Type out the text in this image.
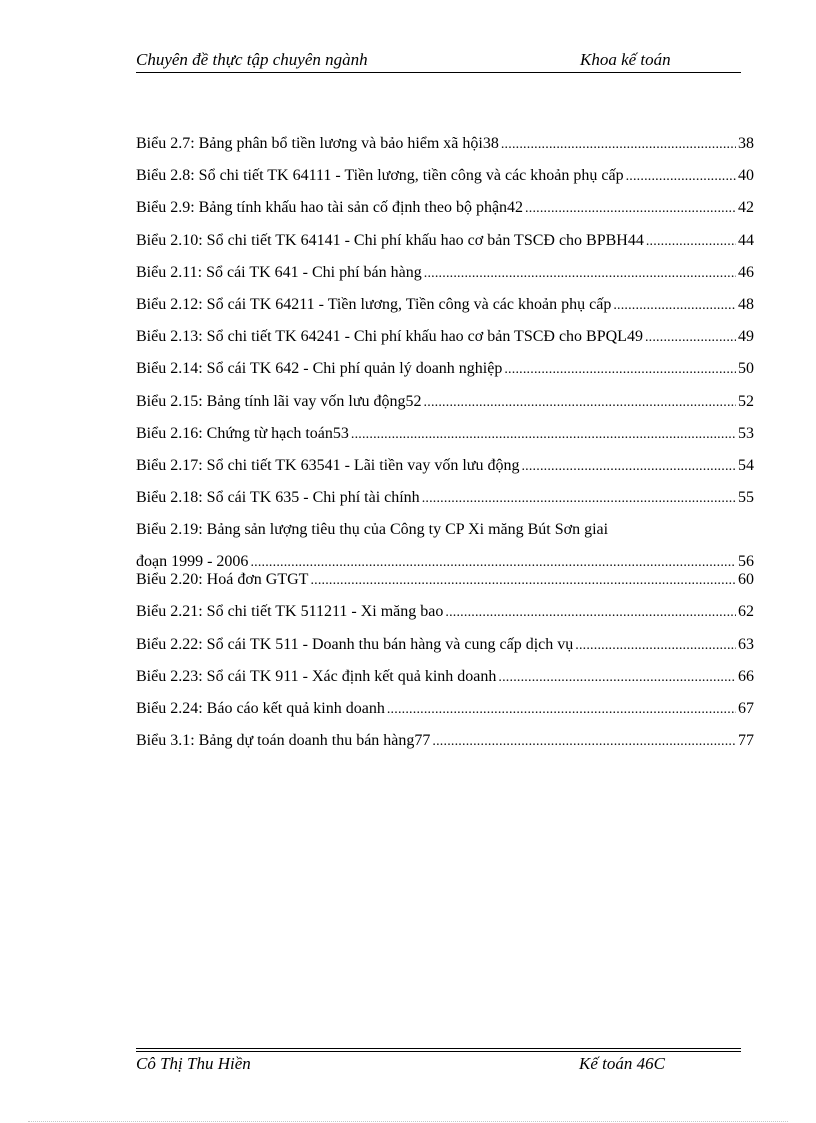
Chuyên đề thực tập chuyên ngành	Khoa kế toán
Biểu 2.7: Bảng phân bổ tiền lương và bảo hiểm xã hội38 .....	38
Biểu 2.8: Sổ chi tiết TK 64111 - Tiền lương, tiền công và các khoản phụ cấp .....	40
Biểu 2.9: Bảng tính khấu hao tài sản cố định theo bộ phận42 .....	42
Biểu 2.10: Sổ chi tiết TK 64141 - Chi phí khấu hao cơ bản TSCĐ cho BPBH44 .....	44
Biểu 2.11: Sổ cái TK 641 - Chi phí bán hàng .....	46
Biểu 2.12: Sổ cái TK 64211 - Tiền lương, Tiền công và các khoản phụ cấp .....	48
Biểu 2.13: Sổ chi tiết TK 64241 - Chi phí khấu hao cơ bản TSCĐ cho BPQL49 .....	49
Biểu 2.14: Sổ cái TK 642 - Chi phí quản lý doanh nghiệp .....	50
Biểu 2.15: Bảng tính lãi vay vốn lưu động52 .....	52
Biểu 2.16: Chứng từ hạch toán53 .....	53
Biểu 2.17: Sổ chi tiết TK 63541 - Lãi tiền vay vốn lưu động .....	54
Biểu 2.18: Sổ cái TK 635 - Chi phí tài chính .....	55
Biểu 2.19: Bảng sản lượng tiêu thụ của Công ty CP Xi măng Bút Sơn giai
đoạn 1999 - 2006 .....	56
Biểu 2.20: Hoá đơn GTGT .....	60
Biểu 2.21: Sổ chi tiết TK 511211 - Xi măng bao .....	62
Biểu 2.22: Sổ cái TK 511 - Doanh thu bán hàng và cung cấp dịch vụ .....	63
Biểu 2.23: Sổ cái TK 911 - Xác định kết quả kinh doanh .....	66
Biểu 2.24: Báo cáo kết quả kinh doanh .....	67
Biểu 3.1: Bảng dự toán doanh thu bán hàng77 .....	77
Cô Thị Thu Hiền	Kế toán 46C
